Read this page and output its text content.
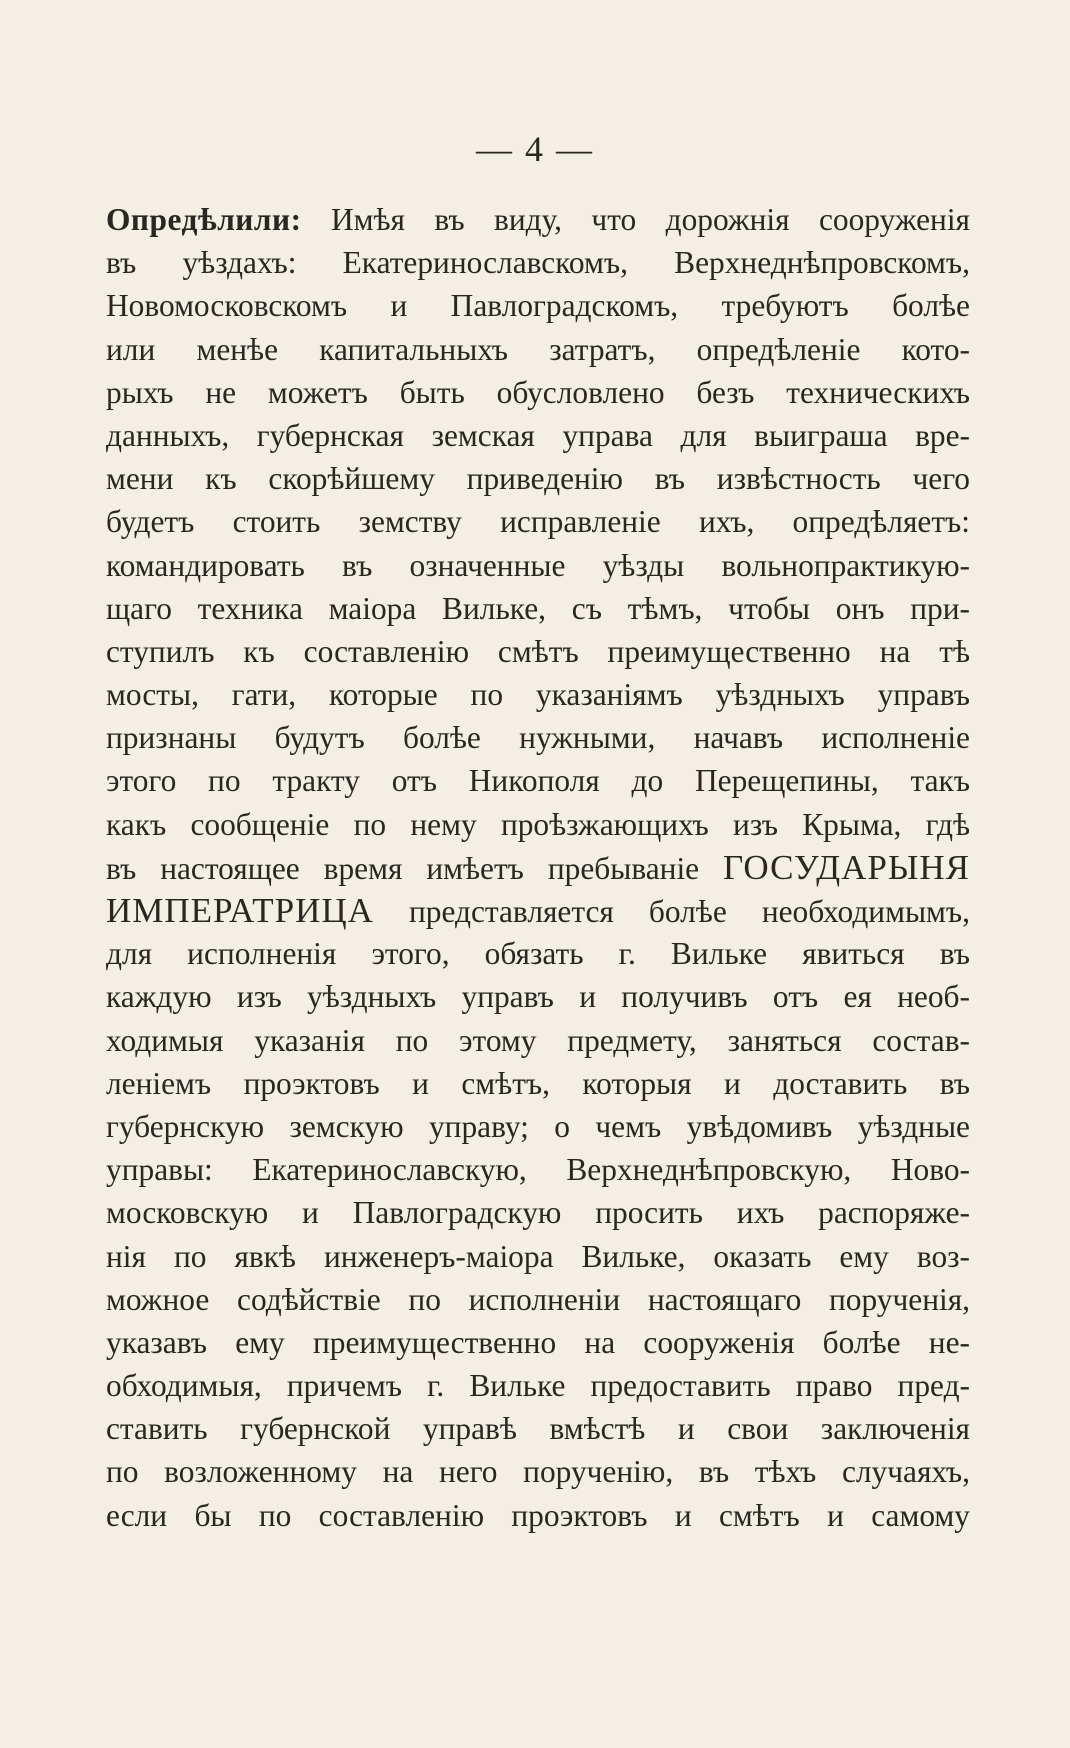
— 4 —
Опредѣлили: Имѣя въ виду, что дорожнія сооруженія
въ уѣздахъ: Екатеринославскомъ, Верхнеднѣпровскомъ,
Новомосковскомъ и Павлоградскомъ, требуютъ болѣе
или менѣе капитальныхъ затратъ, опредѣленіе кото-
рыхъ не можетъ быть обусловлено безъ техническихъ
данныхъ, губернская земская управа для выиграша вре-
мени къ скорѣйшему приведенію въ извѣстность чего
будетъ стоить земству исправленіе ихъ, опредѣляетъ:
командировать въ означенные уѣзды вольнопрактикую-
щаго техника маіора Вильке, съ тѣмъ, чтобы онъ при-
ступилъ къ составленію смѣтъ преимущественно на тѣ
мосты, гати, которые по указаніямъ уѣздныхъ управъ
признаны будутъ болѣе нужными, начавъ исполненіе
этого по тракту отъ Никополя до Перещепины, такъ
какъ сообщеніе по нему проѣзжающихъ изъ Крыма, гдѣ
въ настоящее время имѣетъ пребываніе ГОСУДАРЫНЯ
ИМПЕРАТРИЦА представляется болѣе необходимымъ,
для исполненія этого, обязать г. Вильке явиться въ
каждую изъ уѣздныхъ управъ и получивъ отъ ея необ-
ходимыя указанія по этому предмету, заняться состав-
леніемъ проэктовъ и смѣтъ, которыя и доставить въ
губернскую земскую управу; о чемъ увѣдомивъ уѣздные
управы: Екатеринославскую, Верхнеднѣпровскую, Ново-
московскую и Павлоградскую просить ихъ распоряже-
нія по явкѣ инженеръ-маіора Вильке, оказать ему воз-
можное содѣйствіе по исполненіи настоящаго порученія,
указавъ ему преимущественно на сооруженія болѣе не-
обходимыя, причемъ г. Вильке предоставить право пред-
ставить губернской управѣ вмѣстѣ и свои заключенія
по возложенному на него порученію, въ тѣхъ случаяхъ,
если бы по составленію проэктовъ и смѣтъ и самому
